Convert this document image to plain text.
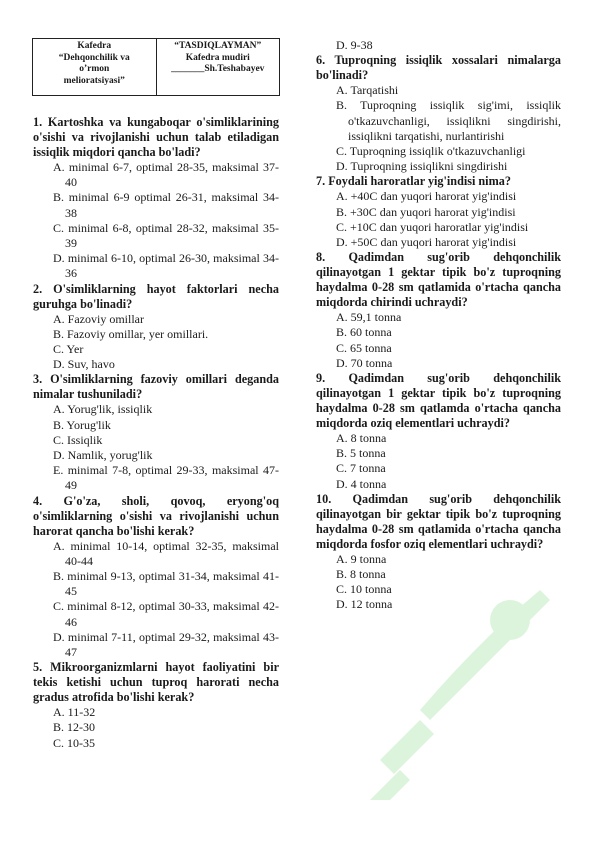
Kafedra
“Dehqonchilik va
o’rmon
melioratsiyasi”
“TASDIQLAYMAN”
Kafedra mudiri
_______Sh.Teshabayev

1. Kartoshka va kungaboqar o'simliklarining o'sishi va rivojlanishi uchun talab etiladigan issiqlik miqdori qancha bo'ladi?

A. minimal 6-7, optimal 28-35, maksimal 37-40

B. minimal 6-9 optimal 26-31, maksimal 34-38

C. minimal 6-8, optimal 28-32, maksimal 35-39

D. minimal 6-10, optimal 26-30, maksimal 34-36

2. O'simliklarning hayot faktorlari necha guruhga bo'linadi?

A. Fazoviy omillar

B. Fazoviy omillar, yer omillari.

C. Yer

D. Suv, havo

3. O'simliklarning fazoviy omillari deganda nimalar tushuniladi?

A. Yorug'lik, issiqlik

B. Yorug'lik

C. Issiqlik

D. Namlik, yorug'lik

E. minimal 7-8, optimal 29-33, maksimal 47-49

4. G'o'za, sholi, qovoq, eryong'oq o'simliklarning o'sishi va rivojlanishi uchun harorat qancha bo'lishi kerak?

A. minimal 10-14, optimal 32-35, maksimal 40-44

B. minimal 9-13, optimal 31-34, maksimal 41-45

C. minimal 8-12, optimal 30-33, maksimal 42-46

D. minimal 7-11, optimal 29-32, maksimal 43-47

5. Mikroorganizmlarni hayot faoliyatini bir tekis ketishi uchun tuproq harorati necha gradus atrofida bo'lishi kerak?

A. 11-32

B. 12-30

C. 10-35

D. 9-38

6. Tuproqning issiqlik xossalari nimalarga bo'linadi?

A. Tarqatishi

B. Tuproqning issiqlik sig'imi, issiqlik o'tkazuvchanligi, issiqlikni singdirishi, issiqlikni tarqatishi, nurlantirishi

C. Tuproqning issiqlik o'tkazuvchanligi

D. Tuproqning issiqlikni singdirishi

7. Foydali haroratlar yig'indisi nima?

A. +40C dan yuqori harorat yig'indisi

B. +30C dan yuqori harorat yig'indisi

C. +10C dan yuqori haroratlar yig'indisi

D. +50C dan yuqori harorat yig'indisi

8. Qadimdan sug'orib dehqonchilik qilinayotgan 1 gektar tipik bo'z tuproqning haydalma 0-28 sm qatlamida o'rtacha qancha miqdorda chirindi uchraydi?

A. 59,1 tonna

B. 60 tonna

C. 65 tonna

D. 70 tonna

9. Qadimdan sug'orib dehqonchilik qilinayotgan 1 gektar tipik bo'z tuproqning haydalma 0-28 sm qatlamda o'rtacha qancha miqdorda oziq elementlari uchraydi?

A. 8 tonna

B. 5 tonna

C. 7 tonna

D. 4 tonna

10. Qadimdan sug'orib dehqonchilik qilinayotgan bir gektar tipik bo'z tuproqning haydalma 0-28 sm qatlamida o'rtacha qancha miqdorda fosfor oziq elementlari uchraydi?

A. 9 tonna

B. 8 tonna

C. 10 tonna

D. 12 tonna
